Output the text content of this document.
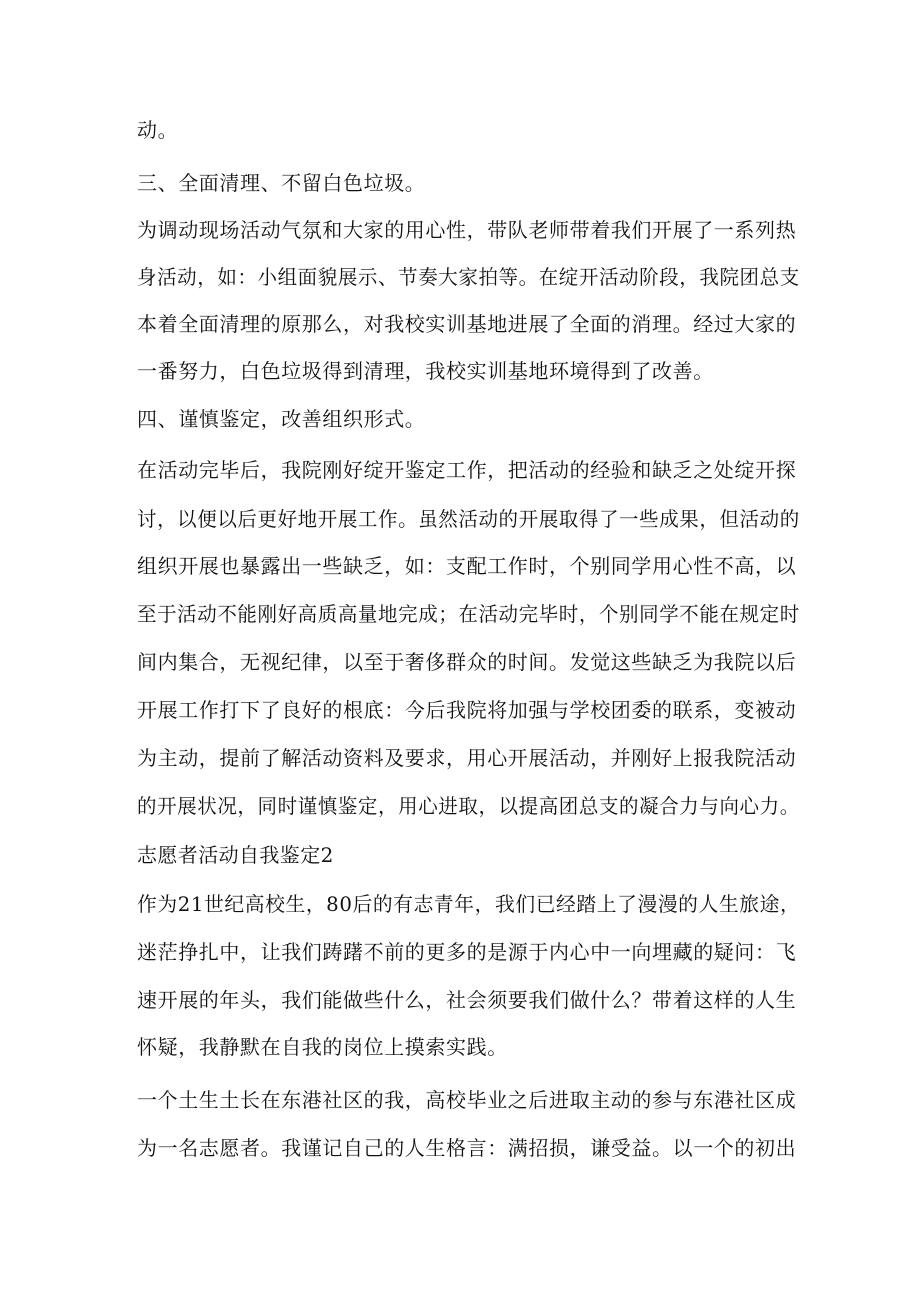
动。
三、全面清理、不留白色垃圾。
为调动现场活动气氛和大家的用心性，带队老师带着我们开展了一系列热
身活动，如：小组面貌展示、节奏大家拍等。在绽开活动阶段，我院团总支
本着全面清理的原那么，对我校实训基地进展了全面的消理。经过大家的
一番努力，白色垃圾得到清理，我校实训基地环境得到了改善。
四、谨慎鉴定，改善组织形式。
在活动完毕后，我院刚好绽开鉴定工作，把活动的经验和缺乏之处绽开探
讨，以便以后更好地开展工作。虽然活动的开展取得了一些成果，但活动的
组织开展也暴露出一些缺乏，如：支配工作时，个别同学用心性不高，以
至于活动不能刚好高质高量地完成；在活动完毕时，个别同学不能在规定时
间内集合，无视纪律，以至于奢侈群众的时间。发觉这些缺乏为我院以后
开展工作打下了良好的根底：今后我院将加强与学校团委的联系，变被动
为主动，提前了解活动资料及要求，用心开展活动，并刚好上报我院活动
的开展状况，同时谨慎鉴定，用心进取，以提高团总支的凝合力与向心力。
志愿者活动自我鉴定2
作为21世纪高校生，80后的有志青年，我们已经踏上了漫漫的人生旅途，
迷茫挣扎中，让我们踌躇不前的更多的是源于内心中一向埋藏的疑问：飞
速开展的年头，我们能做些什么，社会须要我们做什么？带着这样的人生
怀疑，我静默在自我的岗位上摸索实践。
一个土生土长在东港社区的我，高校毕业之后进取主动的参与东港社区成
为一名志愿者。我谨记自己的人生格言：满招损，谦受益。以一个的初出
